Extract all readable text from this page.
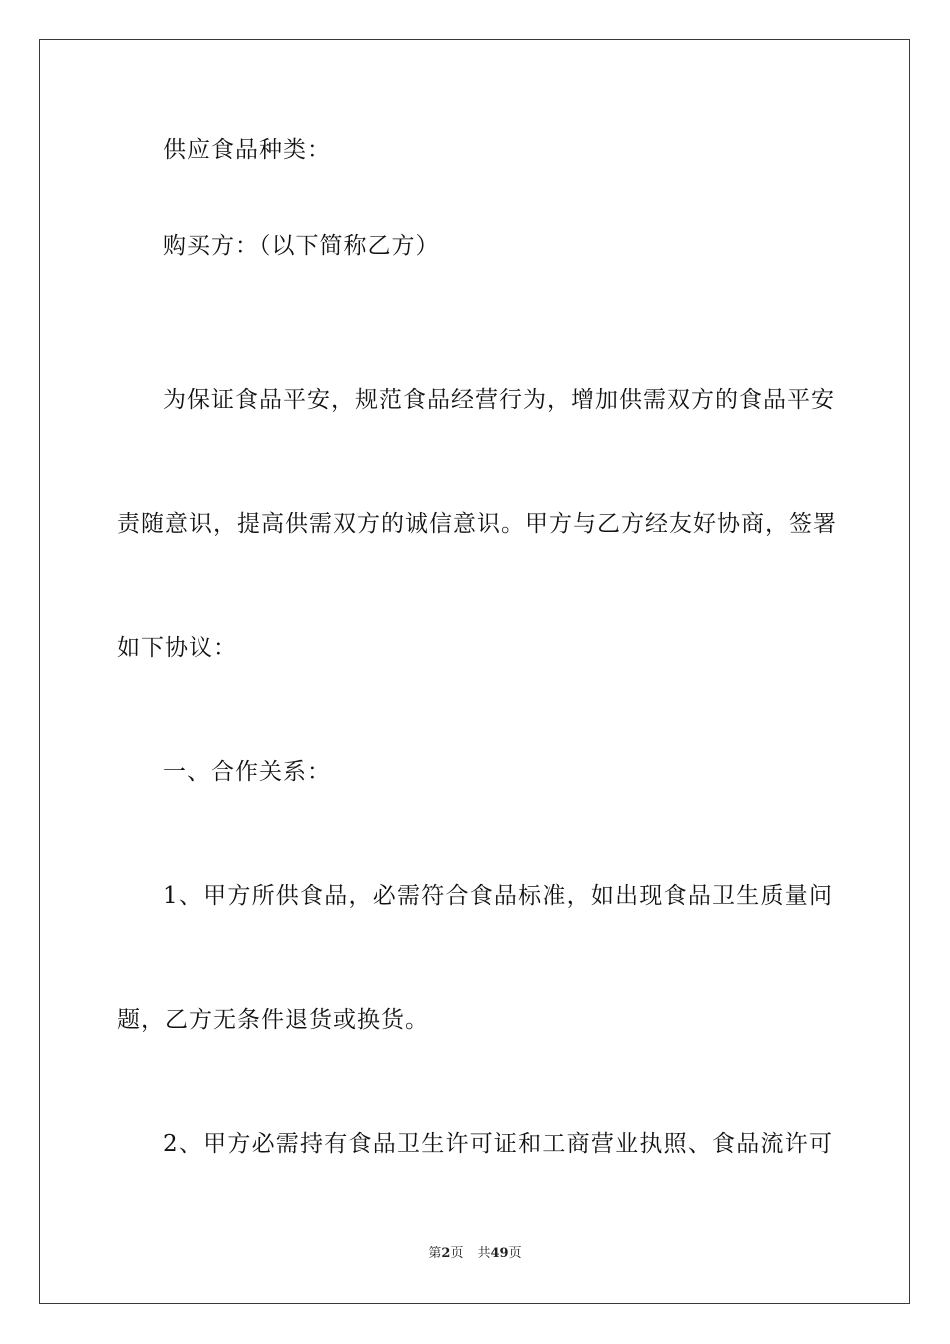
供应食品种类：
购买方：（以下简称乙方）
为保证食品平安，规范食品经营行为，增加供需双方的食品平安
责随意识，提高供需双方的诚信意识。甲方与乙方经友好协商，签署
如下协议：
一、合作关系：
1、甲方所供食品，必需符合食品标准，如出现食品卫生质量问
题，乙方无条件退货或换货。
2、甲方必需持有食品卫生许可证和工商营业执照、食品流许可
第2页 共49页
